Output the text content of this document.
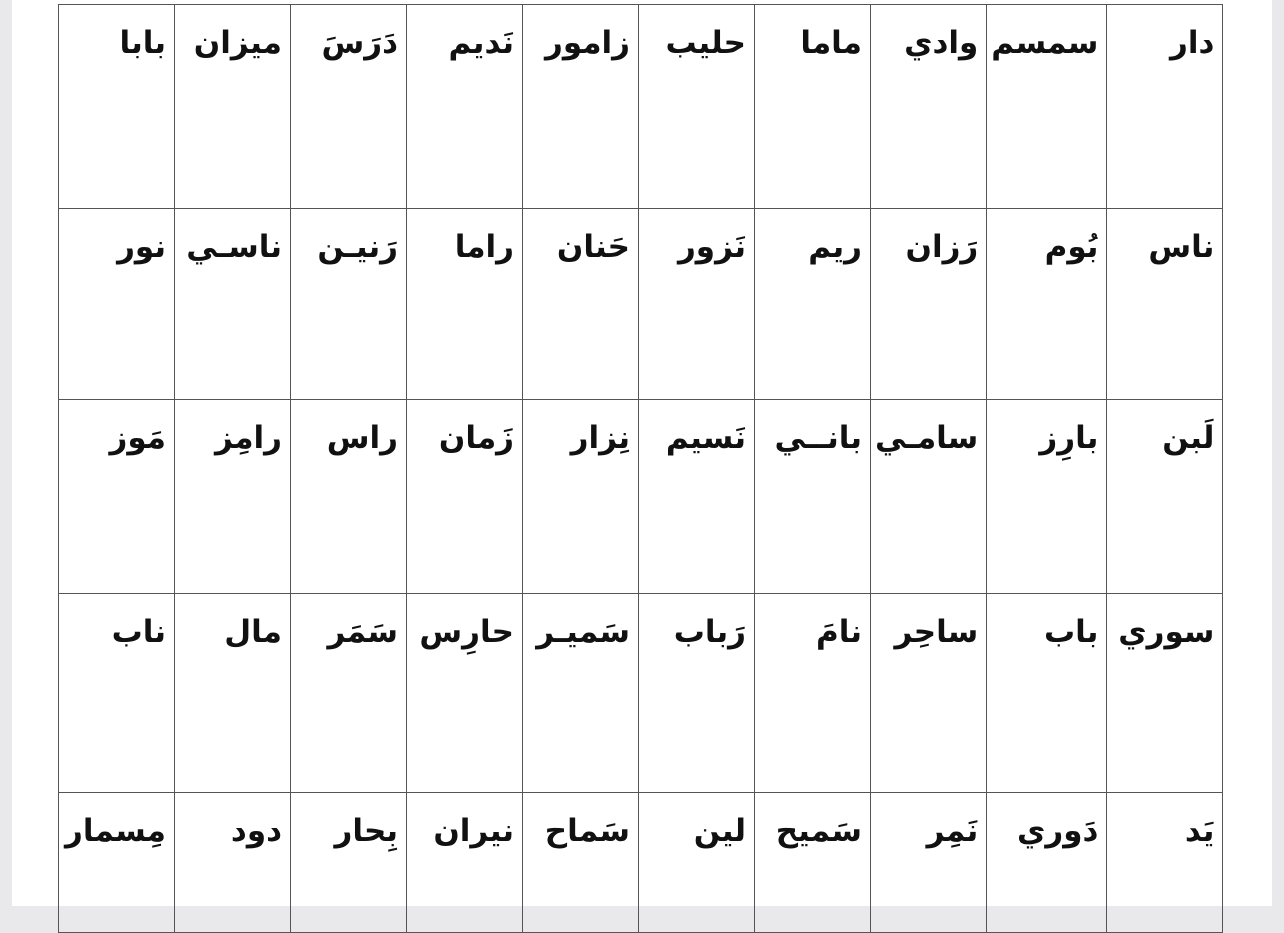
دار	سمسم	وادي	ماما	حليب	زامور	نَديم	دَرَسَ	ميزان	بابا

ناس	بُوم	رَزان	ريم	نَزور	حَنان	راما	رَنيـن	ناسـي	نور

لَبن	بارِز	سامـي	بانــي	نَسيم	نِزار	زَمان	راس	رامِز	مَوز

سوري	باب	ساحِر	نامَ	رَباب	سَميـر	حارِس	سَمَر	مال	ناب

يَد	دَوري	نَمِر	سَميح	لين	سَماح	نيران	بِحار	دود	مِسمار
